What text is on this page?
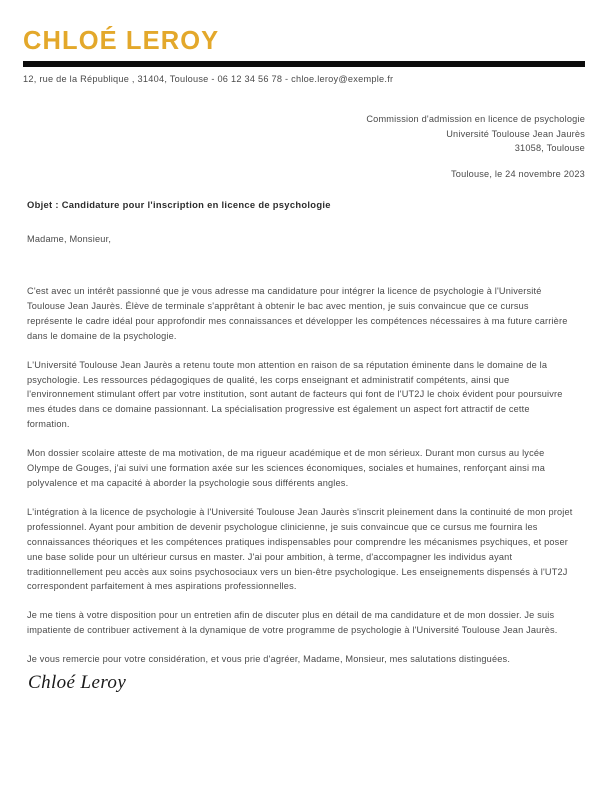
CHLOÉ LEROY
12, rue de la République , 31404, Toulouse - 06 12 34 56 78 - chloe.leroy@exemple.fr
Commission d'admission en licence de psychologie
Université Toulouse Jean Jaurès
31058, Toulouse
Toulouse, le 24 novembre 2023
Objet : Candidature pour l'inscription en licence de psychologie
Madame, Monsieur,

C'est avec un intérêt passionné que je vous adresse ma candidature pour intégrer la licence de psychologie à l'Université Toulouse Jean Jaurès. Élève de terminale s'apprêtant à obtenir le bac avec mention, je suis convaincue que ce cursus représente le cadre idéal pour approfondir mes connaissances et développer les compétences nécessaires à ma future carrière dans le domaine de la psychologie.

L'Université Toulouse Jean Jaurès a retenu toute mon attention en raison de sa réputation éminente dans le domaine de la psychologie. Les ressources pédagogiques de qualité, les corps enseignant et administratif compétents, ainsi que l'environnement stimulant offert par votre institution, sont autant de facteurs qui font de l'UT2J le choix évident pour poursuivre mes études dans ce domaine passionnant. La spécialisation progressive est également un aspect fort attractif de cette formation.

Mon dossier scolaire atteste de ma motivation, de ma rigueur académique et de mon sérieux. Durant mon cursus au lycée Olympe de Gouges, j'ai suivi une formation axée sur les sciences économiques, sociales et humaines, renforçant ainsi ma polyvalence et ma capacité à aborder la psychologie sous différents angles.

L'intégration à la licence de psychologie à l'Université Toulouse Jean Jaurès s'inscrit pleinement dans la continuité de mon projet professionnel. Ayant pour ambition de devenir psychologue clinicienne, je suis convaincue que ce cursus me fournira les connaissances théoriques et les compétences pratiques indispensables pour comprendre les mécanismes psychiques, et poser une base solide pour un ultérieur cursus en master. J'ai pour ambition, à terme, d'accompagner les individus ayant traditionnellement peu accès aux soins psychosociaux vers un bien-être psychologique. Les enseignements dispensés à l'UT2J correspondent parfaitement à mes aspirations professionnelles.

Je me tiens à votre disposition pour un entretien afin de discuter plus en détail de ma candidature et de mon dossier. Je suis impatiente de contribuer activement à la dynamique de votre programme de psychologie à l'Université Toulouse Jean Jaurès.

Je vous remercie pour votre considération, et vous prie d'agréer, Madame, Monsieur, mes salutations distinguées.

Chloé Leroy
